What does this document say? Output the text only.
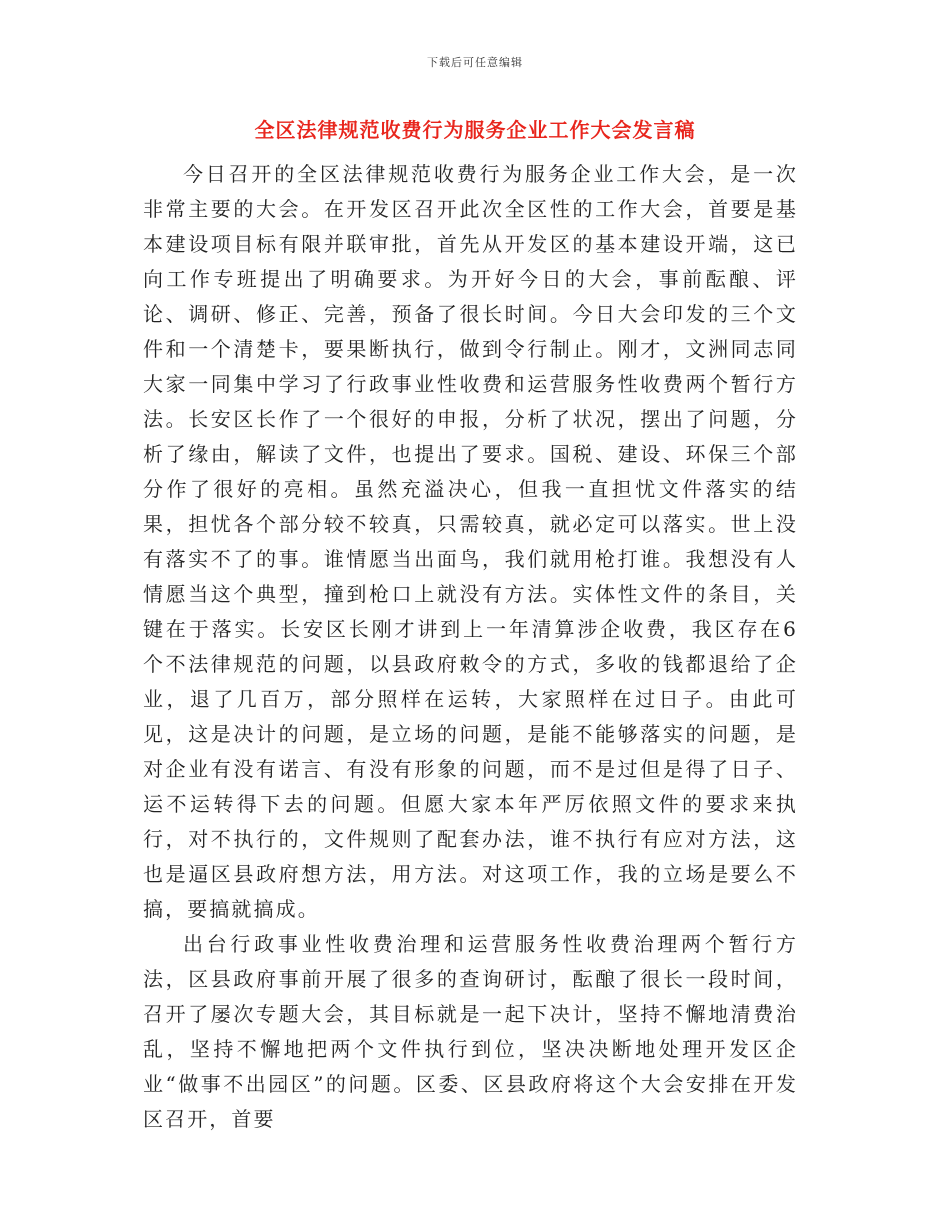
下载后可任意编辑
全区法律规范收费行为服务企业工作大会发言稿

今日召开的全区法律规范收费行为服务企业工作大会，是一次非常主要的大会。在开发区召开此次全区性的工作大会，首要是基本建设项目标有限并联审批，首先从开发区的基本建设开端，这已向工作专班提出了明确要求。为开好今日的大会，事前酝酿、评论、调研、修正、完善，预备了很长时间。今日大会印发的三个文件和一个清楚卡，要果断执行，做到令行制止。刚才，文洲同志同大家一同集中学习了行政事业性收费和运营服务性收费两个暂行方法。长安区长作了一个很好的申报，分析了状况，摆出了问题，分析了缘由，解读了文件，也提出了要求。国税、建设、环保三个部分作了很好的亮相。虽然充溢决心，但我一直担忧文件落实的结果，担忧各个部分较不较真，只需较真，就必定可以落实。世上没有落实不了的事。谁情愿当出面鸟，我们就用枪打谁。我想没有人情愿当这个典型，撞到枪口上就没有方法。实体性文件的条目，关键在于落实。长安区长刚才讲到上一年清算涉企收费，我区存在6个不法律规范的问题，以县政府敕令的方式，多收的钱都退给了企业，退了几百万，部分照样在运转，大家照样在过日子。由此可见，这是决计的问题，是立场的问题，是能不能够落实的问题，是对企业有没有诺言、有没有形象的问题，而不是过但是得了日子、运不运转得下去的问题。但愿大家本年严厉依照文件的要求来执行，对不执行的，文件规则了配套办法，谁不执行有应对方法，这也是逼区县政府想方法，用方法。对这项工作，我的立场是要么不搞，要搞就搞成。

出台行政事业性收费治理和运营服务性收费治理两个暂行方法，区县政府事前开展了很多的查询研讨，酝酿了很长一段时间，召开了屡次专题大会，其目标就是一起下决计，坚持不懈地清费治乱，坚持不懈地把两个文件执行到位，坚决决断地处理开发区企业“做事不出园区”的问题。区委、区县政府将这个大会安排在开发区召开，首要
